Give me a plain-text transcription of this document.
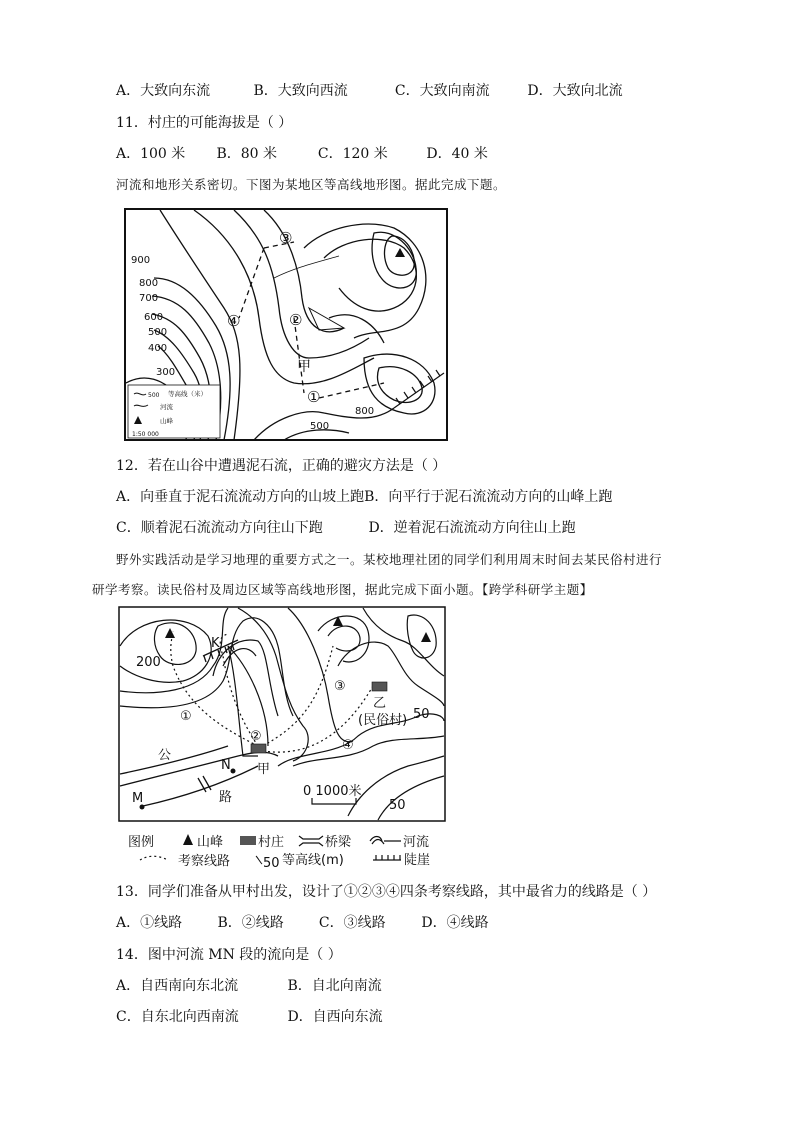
A．大致向东流	B．大致向西流	C．大致向南流	D．大致向北流
11．村庄的可能海拔是（ ）
A．100 米 B．80 米	C．120 米	D．40 米
河流和地形关系密切。下图为某地区等高线地形图。据此完成下题。
900
800
700
600
500
400
300
800
500
③
②
④
①
甲
500 等高线（米）
河流
山峰
1:50 000
12．若在山谷中遭遇泥石流，正确的避灾方法是（ ）
A．向垂直于泥石流流动方向的山坡上跑B．向平行于泥石流流动方向的山峰上跑
C．顺着泥石流流动方向往山下跑	D．逆着泥石流流动方向往山上跑
野外实践活动是学习地理的重要方式之一。某校地理社团的同学们利用周末时间去某民俗村进行
研学考察。读民俗村及周边区域等高线地形图，据此完成下面小题。【跨学科研学主题】
200
50
50
K
N
M
①
②
③
④
甲
乙
(民俗村)
公
路	0 1000米
图例	山峰	村庄	桥梁	河流
考察线路	50 等高线(m)	陡崖
13．同学们准备从甲村出发，设计了①②③④四条考察线路，其中最省力的线路是（ ）
A．①线路	B．②线路	C．③线路	D．④线路
14．图中河流 MN 段的流向是（ ）
A．自西南向东北流	B．自北向南流
C．自东北向西南流	D．自西向东流
